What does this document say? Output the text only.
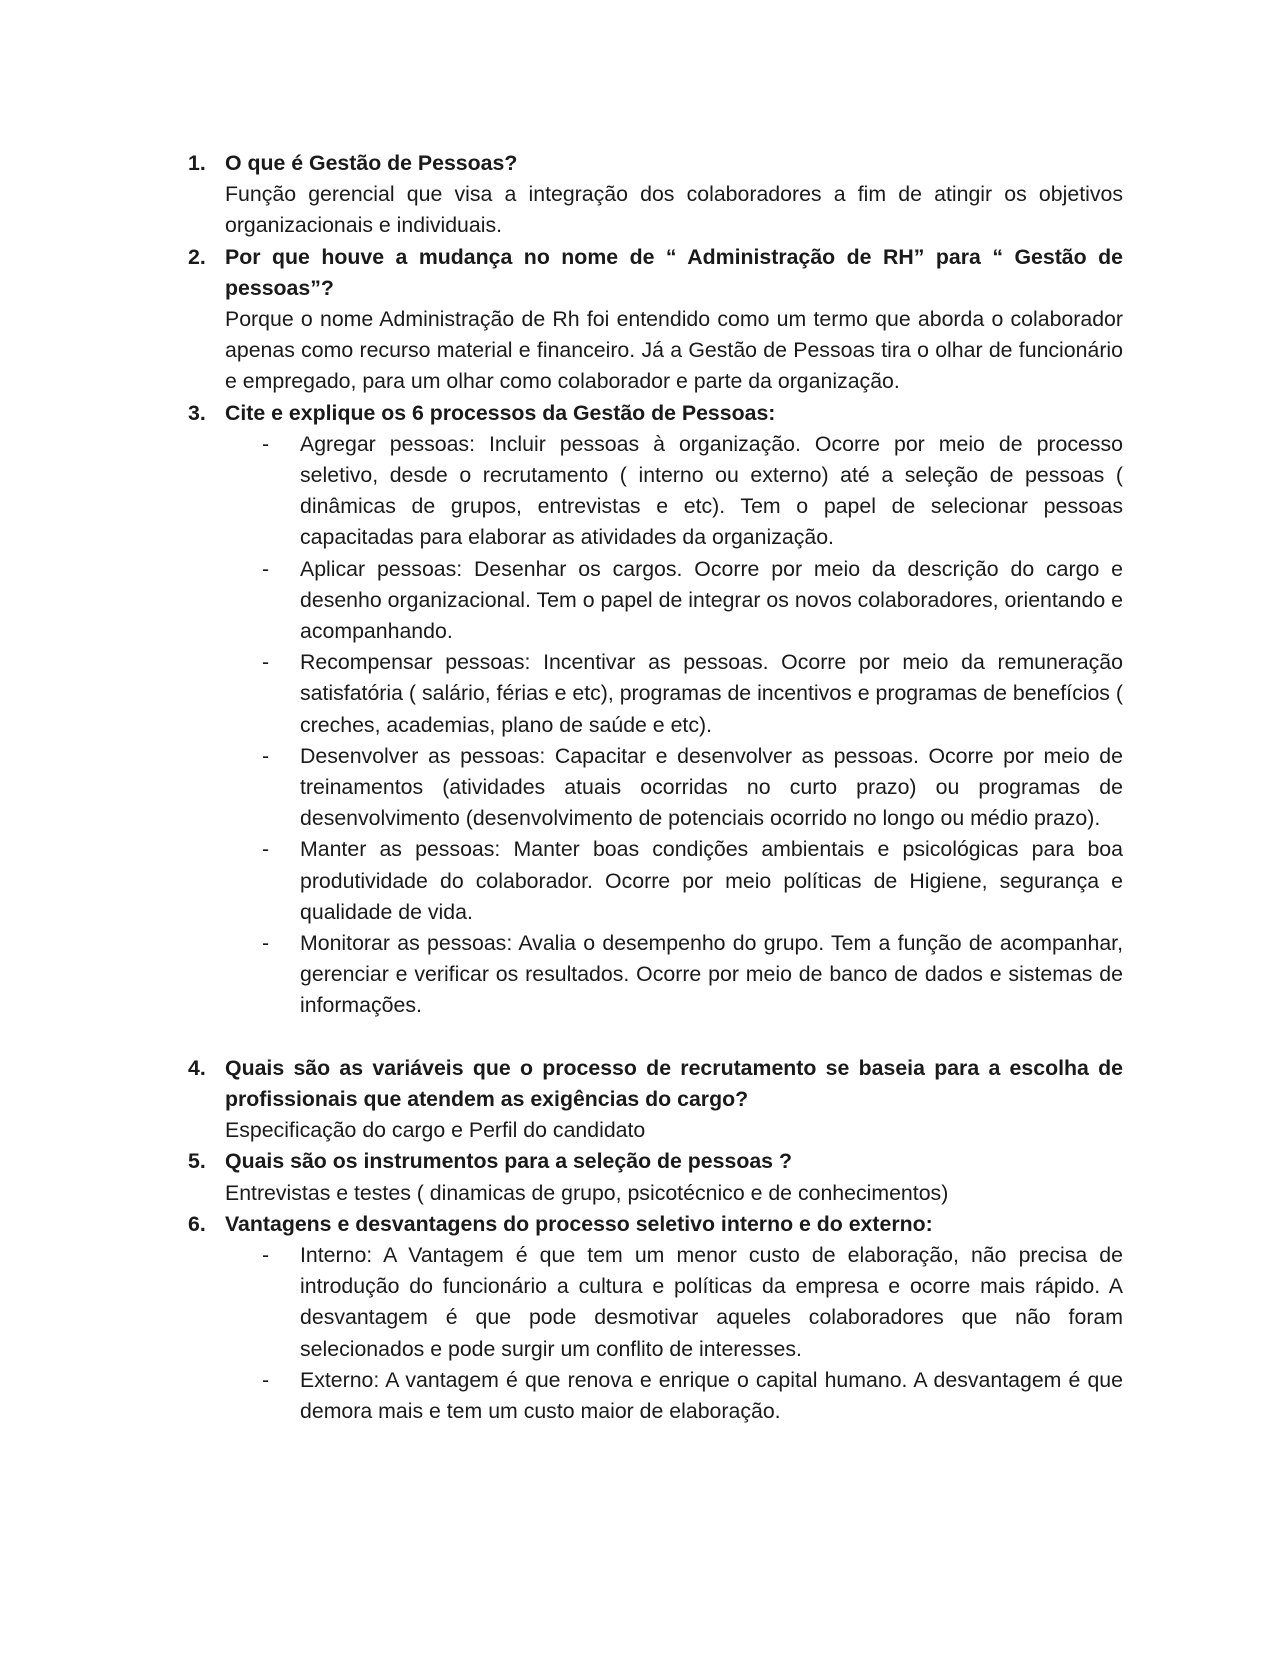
1. O que é Gestão de Pessoas?
Função gerencial que visa a integração dos colaboradores a fim de atingir os objetivos organizacionais e individuais.
2. Por que houve a mudança no nome de “ Administração de RH” para “ Gestão de pessoas”?
Porque o nome Administração de Rh foi entendido como um termo que aborda o colaborador apenas como recurso material e financeiro. Já a Gestão de Pessoas tira o olhar de funcionário e empregado, para um olhar como colaborador e parte da organização.
3. Cite e explique os 6 processos da Gestão de Pessoas:
- Agregar pessoas: Incluir pessoas à organização. Ocorre por meio de processo seletivo, desde o recrutamento ( interno ou externo) até a seleção de pessoas ( dinâmicas de grupos, entrevistas e etc). Tem o papel de selecionar pessoas capacitadas para elaborar as atividades da organização.
- Aplicar pessoas: Desenhar os cargos. Ocorre por meio da descrição do cargo e desenho organizacional. Tem o papel de integrar os novos colaboradores, orientando e acompanhando.
- Recompensar pessoas: Incentivar as pessoas. Ocorre por meio da remuneração satisfatória ( salário, férias e etc), programas de incentivos e programas de benefícios ( creches, academias, plano de saúde e etc).
- Desenvolver as pessoas: Capacitar e desenvolver as pessoas. Ocorre por meio de treinamentos (atividades atuais ocorridas no curto prazo) ou programas de desenvolvimento (desenvolvimento de potenciais ocorrido no longo ou médio prazo).
- Manter as pessoas: Manter boas condições ambientais e psicológicas para boa produtividade do colaborador. Ocorre por meio políticas de Higiene, segurança e qualidade de vida.
- Monitorar as pessoas: Avalia o desempenho do grupo. Tem a função de acompanhar, gerenciar e verificar os resultados. Ocorre por meio de banco de dados e sistemas de informações.
4. Quais são as variáveis que o processo de recrutamento se baseia para a escolha de profissionais que atendem as exigências do cargo?
Especificação do cargo e Perfil do candidato
5. Quais são os instrumentos para a seleção de pessoas ?
Entrevistas e testes ( dinamicas de grupo, psicotécnico e de conhecimentos)
6. Vantagens e desvantagens do processo seletivo interno e do externo:
- Interno: A Vantagem é que tem um menor custo de elaboração, não precisa de introdução do funcionário a cultura e políticas da empresa e ocorre mais rápido. A desvantagem é que pode desmotivar aqueles colaboradores que não foram selecionados e pode surgir um conflito de interesses.
- Externo: A vantagem é que renova e enrique o capital humano. A desvantagem é que demora mais e tem um custo maior de elaboração.
